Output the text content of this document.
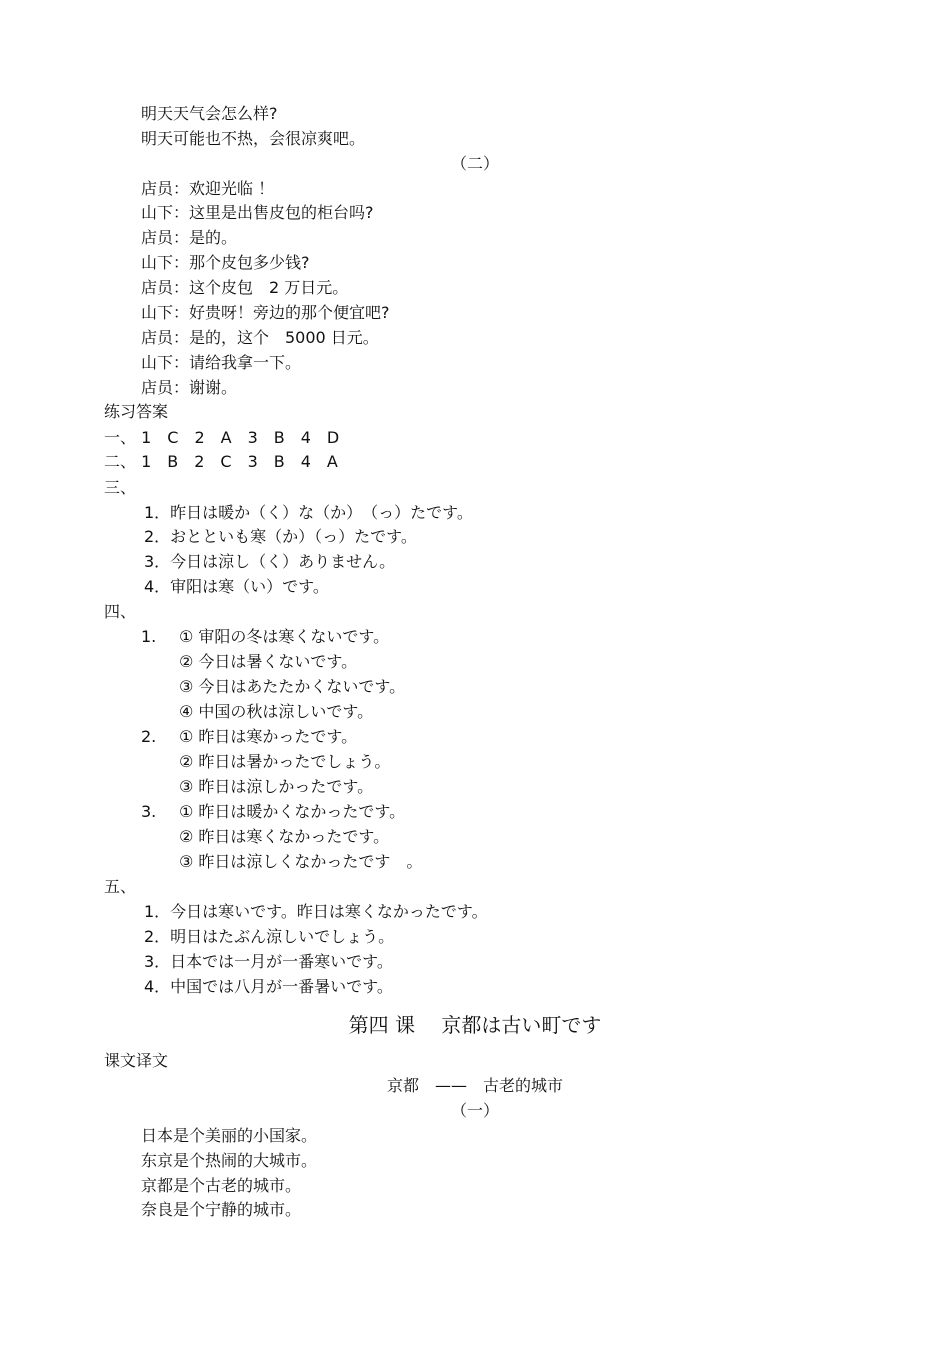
明天天气会怎么样?
明天可能也不热，会很凉爽吧。
（二）
店员：欢迎光临 ！
山下：这里是出售皮包的柜台吗?
店员：是的。
山下：那个皮包多少钱?
店员：这个皮包　2 万日元。
山下：好贵呀！旁边的那个便宜吧?
店员：是的，这个　5000 日元。
山下：请给我拿一下。
店员：谢谢。
练习答案
一、 1　C　2　A　3　B　4　D
二、 1　B　2　C　3　B　4　A
三、
1．昨日は暖か（く）な（か）　（っ）たです。
2．おとといも寒（か）（っ）たです。
3．今日は涼し（く）ありません。
4．审阳は寒（い）です。
四、
1. ① 审阳の冬は寒くないです。
② 今日は暑くないです。
③ 今日はあたたかくないです。
④ 中国の秋は涼しいです。
2. ① 昨日は寒かったです。
② 昨日は暑かったでしょう。
③ 昨日は涼しかったです。
3. ① 昨日は暖かくなかったです。
② 昨日は寒くなかったです。
③ 昨日は涼しくなかったです　。
五、
1．今日は寒いです。昨日は寒くなかったです。
2．明日はたぶん涼しいでしょう。
3．日本では一月が一番寒いです。
4．中国では八月が一番暑いです。
第四 课　 京都は古い町です
课文译文
京都　——　古老的城市
（一）
日本是个美丽的小国家。
东京是个热闹的大城市。
京都是个古老的城市。
奈良是个宁静的城市。
